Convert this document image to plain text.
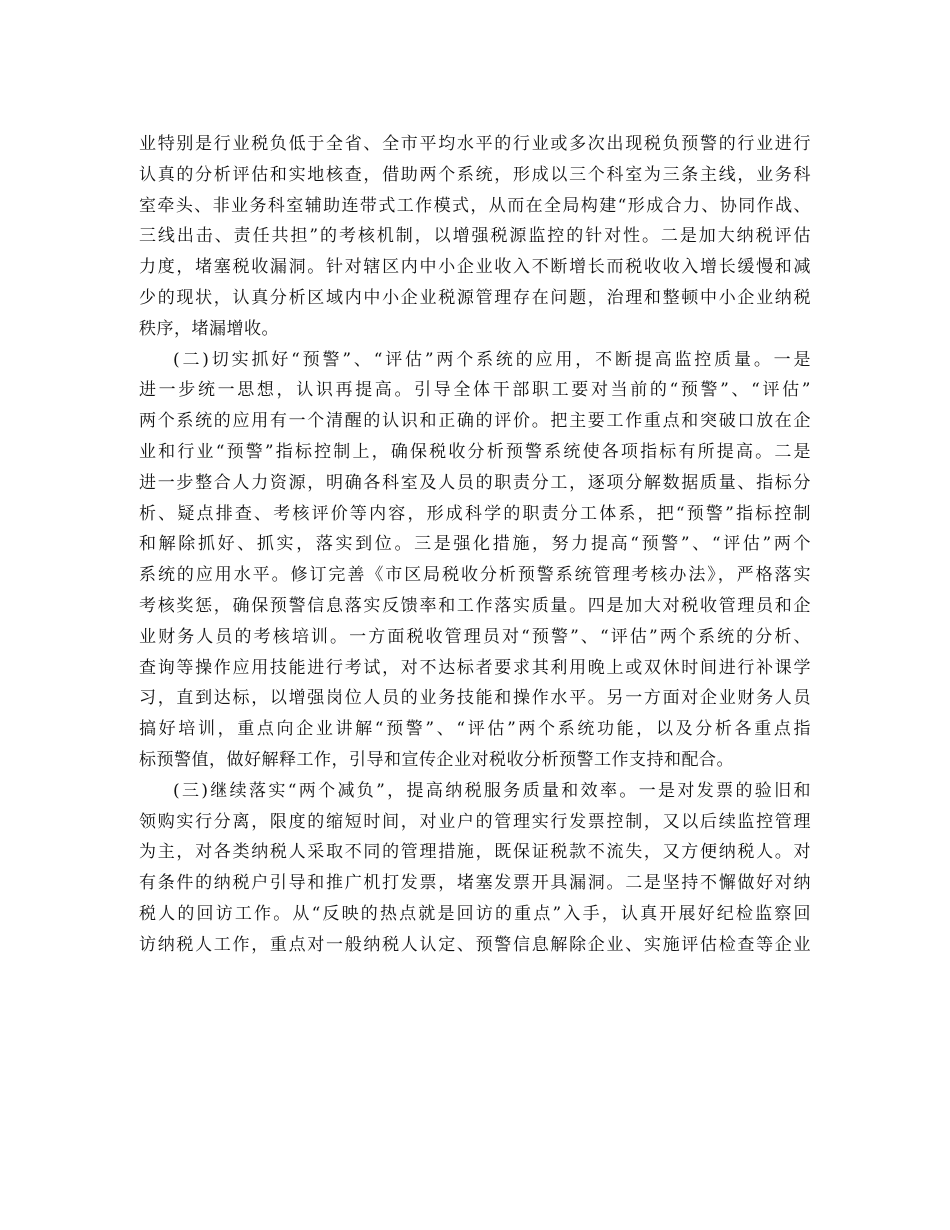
业特别是行业税负低于全省、全市平均水平的行业或多次出现税负预警的行业进行
认真的分析评估和实地核查，借助两个系统，形成以三个科室为三条主线，业务科
室牵头、非业务科室辅助连带式工作模式，从而在全局构建“形成合力、协同作战、
三线出击、责任共担”的考核机制，以增强税源监控的针对性。二是加大纳税评估
力度，堵塞税收漏洞。针对辖区内中小企业收入不断增长而税收收入增长缓慢和减
少的现状，认真分析区域内中小企业税源管理存在问题，治理和整顿中小企业纳税
秩序，堵漏增收。
(二)切实抓好“预警”、“评估”两个系统的应用，不断提高监控质量。一是
进一步统一思想，认识再提高。引导全体干部职工要对当前的“预警”、“评估”
两个系统的应用有一个清醒的认识和正确的评价。把主要工作重点和突破口放在企
业和行业“预警”指标控制上，确保税收分析预警系统使各项指标有所提高。二是
进一步整合人力资源，明确各科室及人员的职责分工，逐项分解数据质量、指标分
析、疑点排查、考核评价等内容，形成科学的职责分工体系，把“预警”指标控制
和解除抓好、抓实，落实到位。三是强化措施，努力提高“预警”、“评估”两个
系统的应用水平。修订完善《市区局税收分析预警系统管理考核办法》，严格落实
考核奖惩，确保预警信息落实反馈率和工作落实质量。四是加大对税收管理员和企
业财务人员的考核培训。一方面税收管理员对“预警”、“评估”两个系统的分析、
查询等操作应用技能进行考试，对不达标者要求其利用晚上或双休时间进行补课学
习，直到达标，以增强岗位人员的业务技能和操作水平。另一方面对企业财务人员
搞好培训，重点向企业讲解“预警”、“评估”两个系统功能，以及分析各重点指
标预警值，做好解释工作，引导和宣传企业对税收分析预警工作支持和配合。
(三)继续落实“两个减负”，提高纳税服务质量和效率。一是对发票的验旧和
领购实行分离，限度的缩短时间，对业户的管理实行发票控制，又以后续监控管理
为主，对各类纳税人采取不同的管理措施，既保证税款不流失，又方便纳税人。对
有条件的纳税户引导和推广机打发票，堵塞发票开具漏洞。二是坚持不懈做好对纳
税人的回访工作。从“反映的热点就是回访的重点”入手，认真开展好纪检监察回
访纳税人工作，重点对一般纳税人认定、预警信息解除企业、实施评估检查等企业
